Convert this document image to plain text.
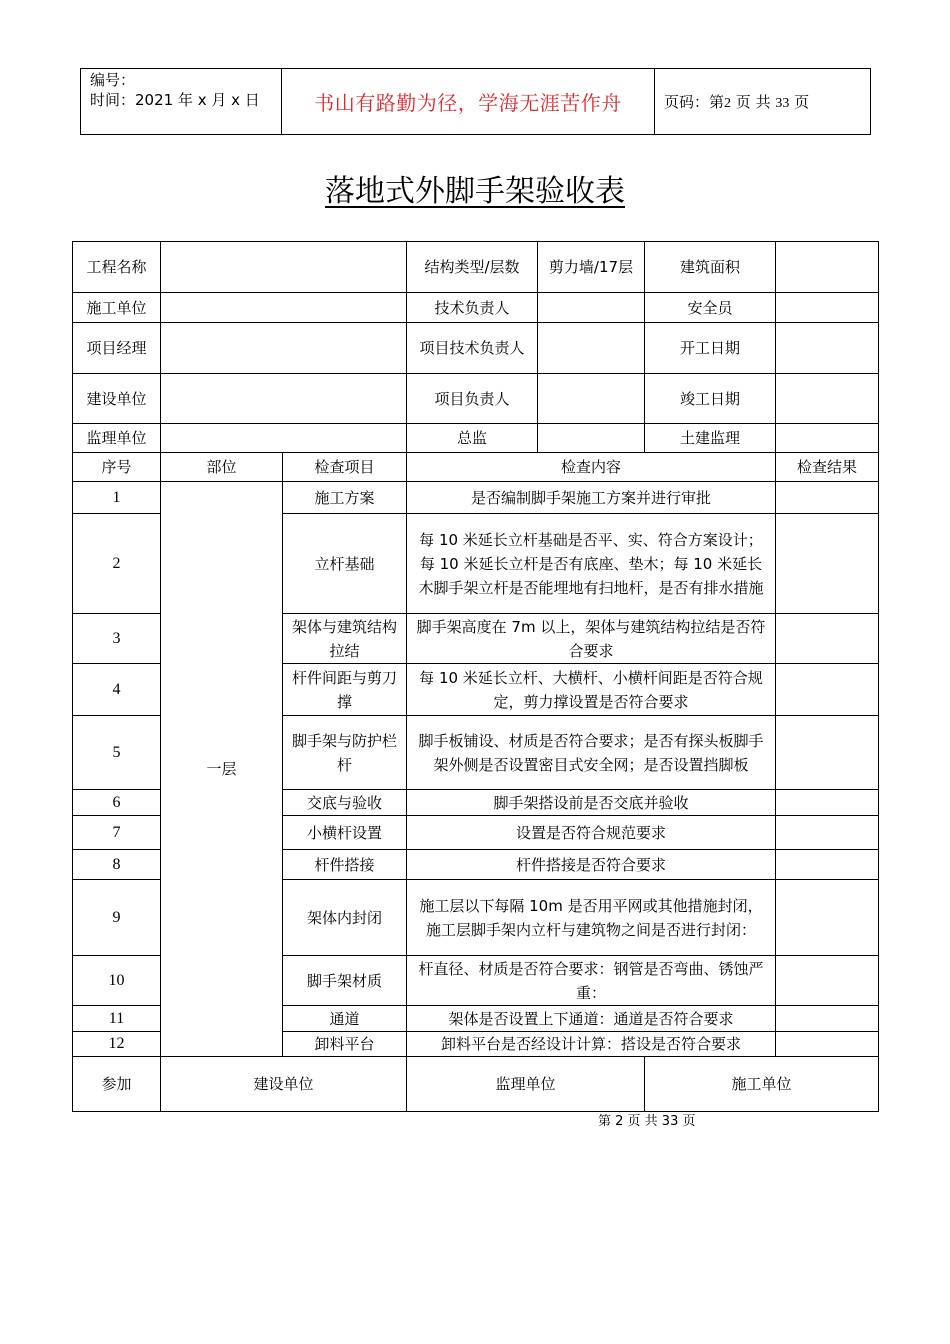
编号：
时间：2021 年 x 月 x 日	书山有路勤为径，学海无涯苦作舟	页码：第2 页 共 33 页
落地式外脚手架验收表
工程名称			结构类型/层数	剪力墙/17层	建筑面积	
施工单位			技术负责人		安全员	
项目经理			项目技术负责人		开工日期	
建设单位			项目负责人		竣工日期	
监理单位			总监		土建监理	
序号	部位	检查项目	检查内容			检查结果
1	一层	施工方案	是否编制脚手架施工方案并进行审批			
2		立杆基础	每 10 米延长立杆基础是否平、实、符合方案设计；每 10 米延长立杆是否有底座、垫木；每 10 米延长木脚手架立杆是否能埋地有扫地杆，是否有排水措施			
3		架体与建筑结构拉结	脚手架高度在 7m 以上，架体与建筑结构拉结是否符合要求			
4		杆件间距与剪刀撑	每 10 米延长立杆、大横杆、小横杆间距是否符合规定，剪力撑设置是否符合要求			
5		脚手架与防护栏杆	脚手板铺设、材质是否符合要求；是否有探头板脚手架外侧是否设置密目式安全网；是否设置挡脚板			
6		交底与验收	脚手架搭设前是否交底并验收			
7		小横杆设置	设置是否符合规范要求			
8		杆件搭接	杆件搭接是否符合要求			
9		架体内封闭	施工层以下每隔 10m 是否用平网或其他措施封闭，施工层脚手架内立杆与建筑物之间是否进行封闭：			
10		脚手架材质	杆直径、材质是否符合要求：钢管是否弯曲、锈蚀严重：			
11		通道	架体是否设置上下通道：通道是否符合要求			
12		卸料平台	卸料平台是否经设计计算：搭设是否符合要求			
参加	建设单位		监理单位		施工单位	
第 2 页 共 33 页
